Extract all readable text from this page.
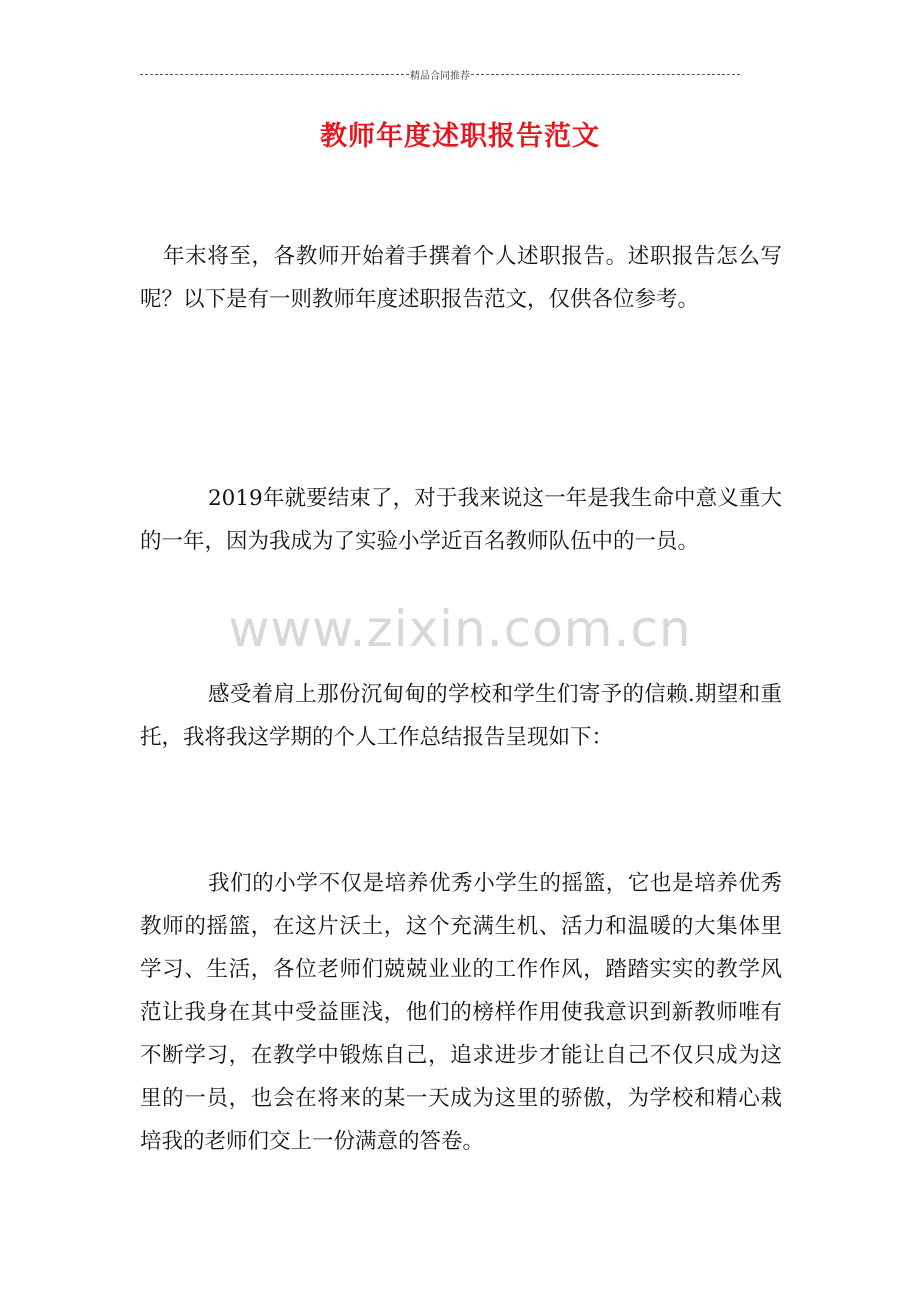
精品合同推荐
教师年度述职报告范文

年末将至，各教师开始着手撰着个人述职报告。述职报告怎么写呢？以下是有一则教师年度述职报告范文，仅供各位参考。

2019年就要结束了，对于我来说这一年是我生命中意义重大的一年，因为我成为了实验小学近百名教师队伍中的一员。

www.zixin.com.cn

感受着肩上那份沉甸甸的学校和学生们寄予的信赖.期望和重托，我将我这学期的个人工作总结报告呈现如下：

我们的小学不仅是培养优秀小学生的摇篮，它也是培养优秀教师的摇篮，在这片沃土，这个充满生机、活力和温暖的大集体里学习、生活，各位老师们兢兢业业的工作作风，踏踏实实的教学风范让我身在其中受益匪浅，他们的榜样作用使我意识到新教师唯有不断学习，在教学中锻炼自己，追求进步才能让自己不仅只成为这里的一员，也会在将来的某一天成为这里的骄傲，为学校和精心栽培我的老师们交上一份满意的答卷。
